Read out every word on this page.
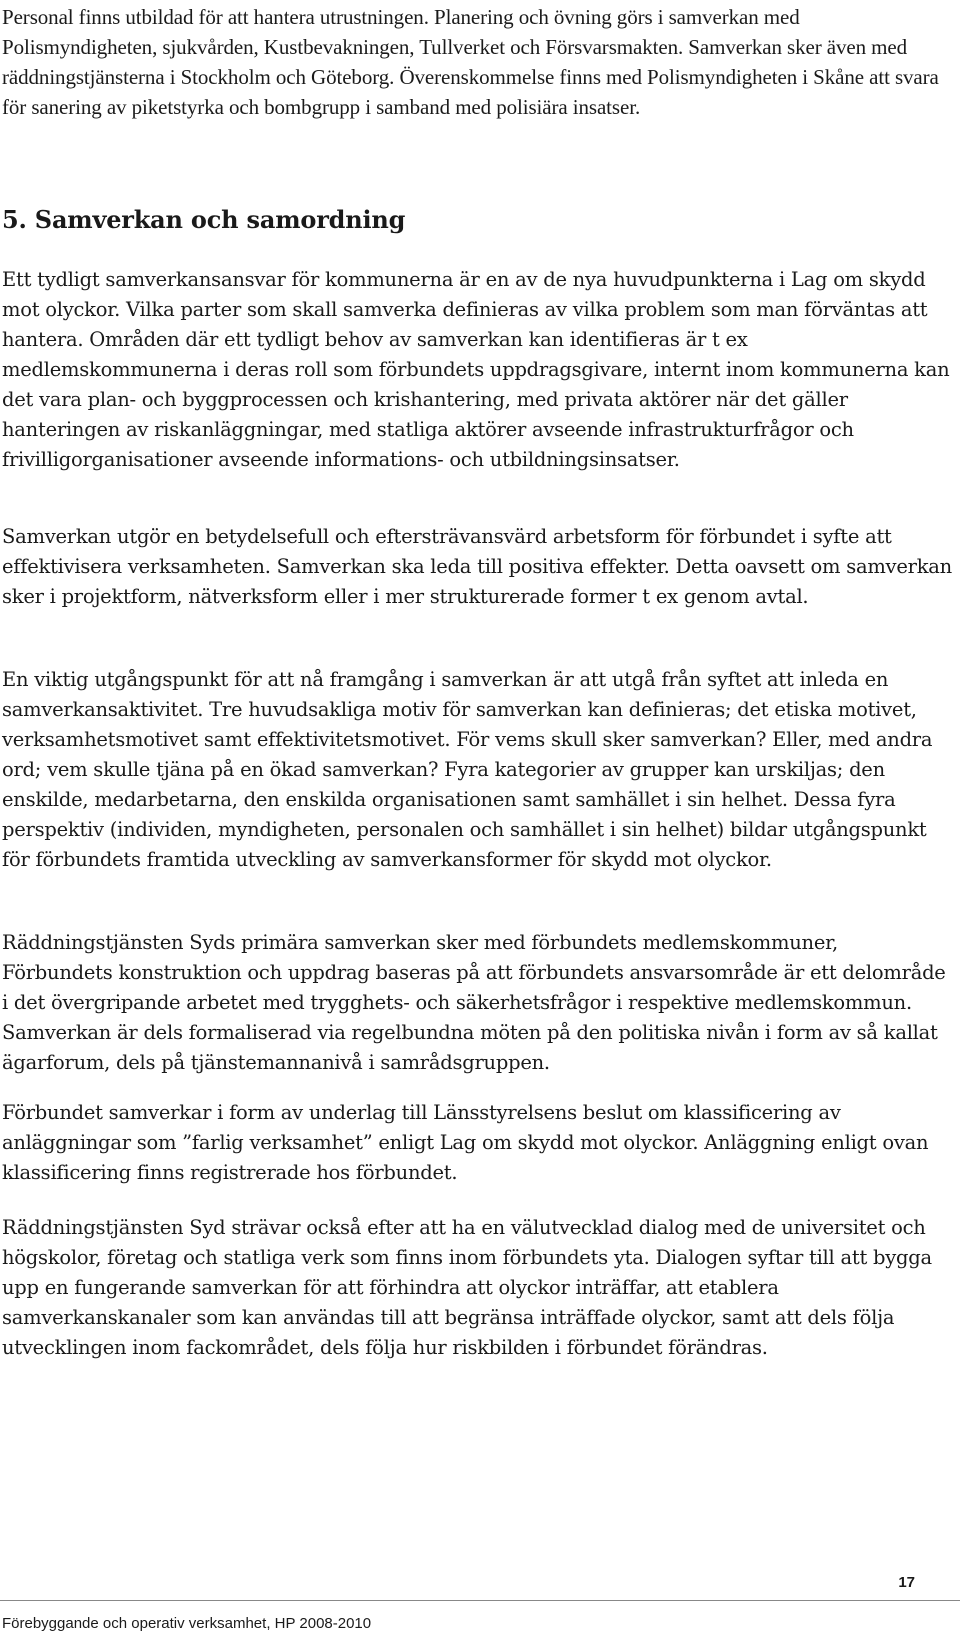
Personal finns utbildad för att hantera utrustningen. Planering och övning görs i samverkan med Polismyndigheten, sjukvården, Kustbevakningen, Tullverket och Försvarsmakten. Samverkan sker även med räddningstjänsterna i Stockholm och Göteborg. Överenskommelse finns med Polismyndigheten i Skåne att svara för sanering av piketstyrka och bombgrupp i samband med polisiära insatser.

5. Samverkan och samordning

Ett tydligt samverkansansvar för kommunerna är en av de nya huvudpunkterna i Lag om skydd mot olyckor. Vilka parter som skall samverka definieras av vilka problem som man förväntas att hantera. Områden där ett tydligt behov av samverkan kan identifieras är t ex medlemskommunerna i deras roll som förbundets uppdragsgivare, internt inom kommunerna kan det vara plan- och byggprocessen och krishantering, med privata aktörer när det gäller hanteringen av riskanläggningar, med statliga aktörer avseende infrastrukturfrågor och frivilligorganisationer avseende informations- och utbildningsinsatser.

Samverkan utgör en betydelsefull och eftersträvansvärd arbetsform för förbundet i syfte att effektivisera verksamheten. Samverkan ska leda till positiva effekter. Detta oavsett om samverkan sker i projektform, nätverksform eller i mer strukturerade former t ex genom avtal.

En viktig utgångspunkt för att nå framgång i samverkan är att utgå från syftet att inleda en samverkansaktivitet. Tre huvudsakliga motiv för samverkan kan definieras; det etiska motivet, verksamhetsmotivet samt effektivitetsmotivet. För vems skull sker samverkan? Eller, med andra ord; vem skulle tjäna på en ökad samverkan? Fyra kategorier av grupper kan urskiljas; den enskilde, medarbetarna, den enskilda organisationen samt samhället i sin helhet. Dessa fyra perspektiv (individen, myndigheten, personalen och samhället i sin helhet) bildar utgångspunkt för förbundets framtida utveckling av samverkansformer för skydd mot olyckor.

Räddningstjänsten Syds primära samverkan sker med förbundets medlemskommuner, Förbundets konstruktion och uppdrag baseras på att förbundets ansvarsområde är ett delområde i det övergripande arbetet med trygghets- och säkerhetsfrågor i respektive medlemskommun. Samverkan är dels formaliserad via regelbundna möten på den politiska nivån i form av så kallat ägarforum, dels på tjänstemannanivå i samrådsgruppen.

Förbundet samverkar i form av underlag till Länsstyrelsens beslut om klassificering av anläggningar som ”farlig verksamhet” enligt Lag om skydd mot olyckor. Anläggning enligt ovan klassificering finns registrerade hos förbundet.

Räddningstjänsten Syd strävar också efter att ha en välutvecklad dialog med de universitet och högskolor, företag och statliga verk som finns inom förbundets yta. Dialogen syftar till att bygga upp en fungerande samverkan för att förhindra att olyckor inträffar, att etablera samverkanskanaler som kan användas till att begränsa inträffade olyckor, samt att dels följa utvecklingen inom fackområdet, dels följa hur riskbilden i förbundet förändras.

17
Förebyggande och operativ verksamhet, HP 2008-2010
